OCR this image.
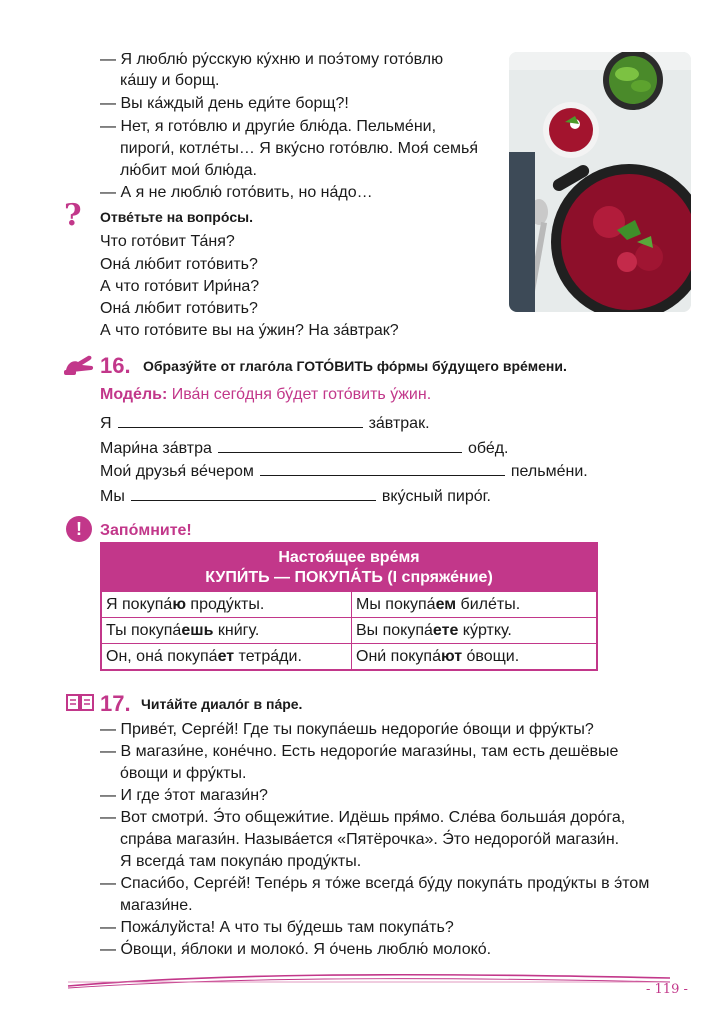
— Я люблю́ ру́сскую ку́хню и поэ́тому гото́влю
ка́шу и борщ.
— Вы ка́ждый день еди́те борщ?!
— Нет, я гото́влю и други́е блю́да. Пельме́ни,
пироги́, котле́ты… Я вку́сно гото́влю. Моя́ семья́
лю́бит мои́ блю́да.
— А я не люблю́ гото́вить, но на́до…
? Отве́тьте на вопро́сы.
Что гото́вит Та́ня?
Она́ лю́бит гото́вить?
А что гото́вит Ири́на?
Она́ лю́бит гото́вить?
А что гото́вите вы на у́жин? На за́втрак?
16. Образу́йте от глаго́ла ГОТО́ВИТЬ фо́рмы бу́дущего вре́мени.
Моде́ль: Ива́н сего́дня бу́дет гото́вить у́жин.
Я	за́втрак.
Мари́на за́втра	обе́д.
Мои́ друзья́ ве́чером	пельме́ни.
Мы	вку́сный пиро́г.
!	Запо́мните!
Настоя́щее вре́мя
КУПИ́ТЬ — ПОКУПА́ТЬ (I спряже́ние)
Я покупа́ю проду́кты.	Мы покупа́ем биле́ты.
Ты покупа́ешь кни́гу.	Вы покупа́ете ку́ртку.
Он, она́ покупа́ет тетра́ди.	Они́ покупа́ют о́вощи.
17. Чита́йте диало́г в па́ре.
— Приве́т, Серге́й! Где ты покупа́ешь недороги́е о́вощи и фру́кты?
— В магази́не, коне́чно. Есть недороги́е магази́ны, там есть дешёвые
о́вощи и фру́кты.
— И где э́тот магази́н?
— Вот смотри́. Э́то общежи́тие. Идёшь пря́мо. Сле́ва больша́я доро́га,
спра́ва магази́н. Называ́ется «Пятёрочка». Э́то недорого́й магази́н.
Я всегда́ там покупа́ю проду́кты.
— Спаси́бо, Серге́й! Тепе́рь я то́же всегда́ бу́ду покупа́ть проду́кты в э́том
магази́не.
— Пожа́луйста! А что ты бу́дешь там покупа́ть?
— О́вощи, я́блоки и молоко́. Я о́чень люблю́ молоко́.
- 119 -
